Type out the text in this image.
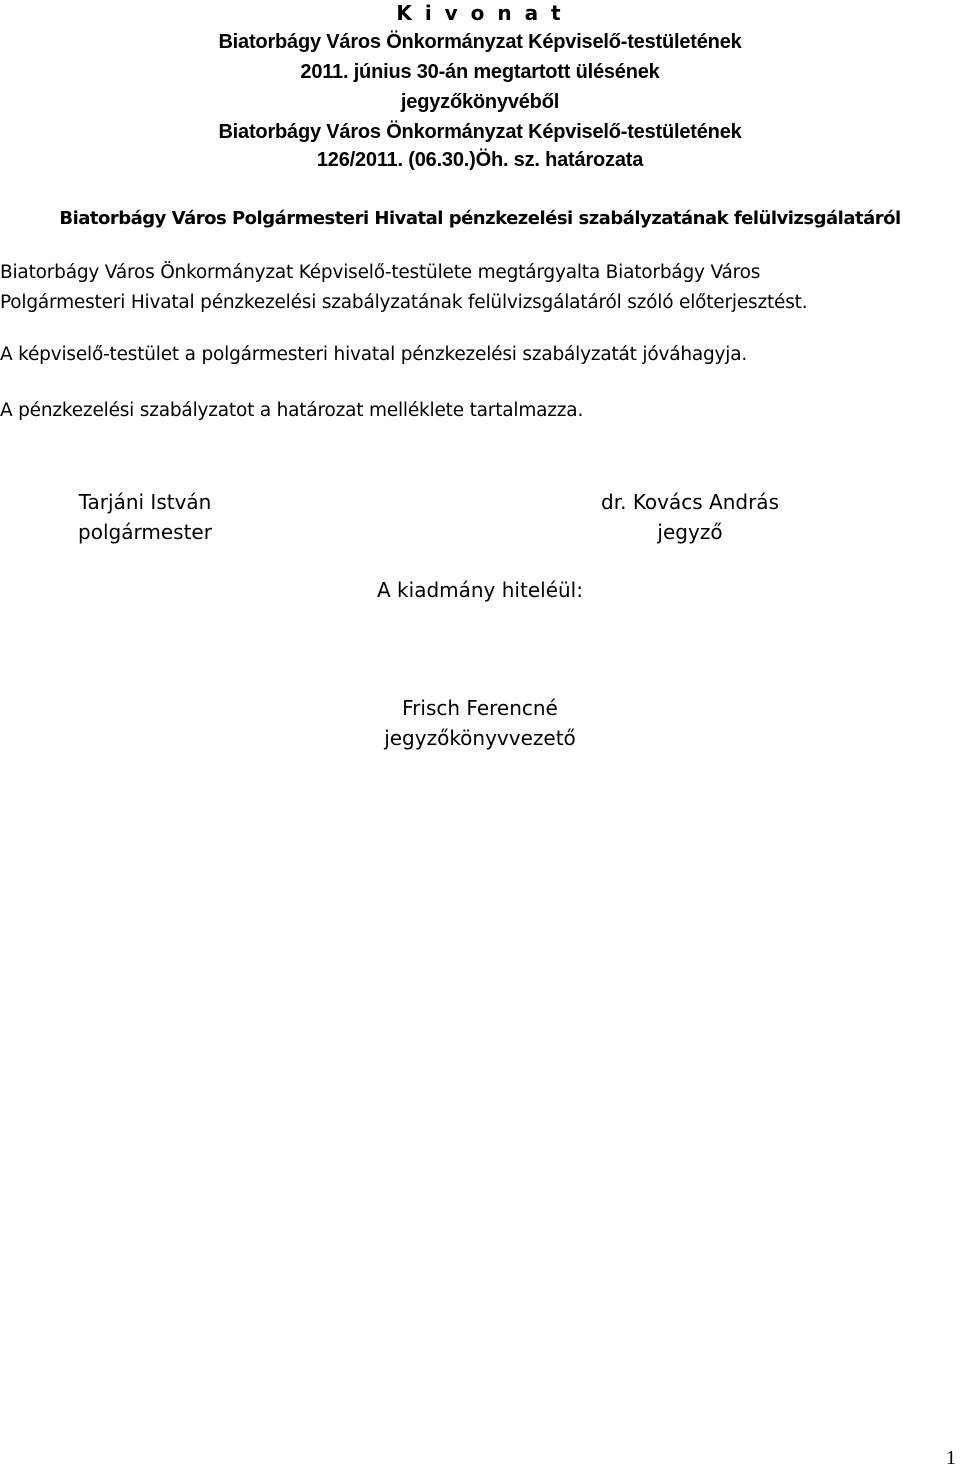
K i v o n a t
Biatorbágy Város Önkormányzat Képviselő-testületének
2011. június 30-án megtartott ülésének
jegyzőkönyvéből
Biatorbágy Város Önkormányzat Képviselő-testületének
126/2011. (06.30.)Öh. sz. határozata
Biatorbágy Város Polgármesteri Hivatal pénzkezelési szabályzatának felülvizsgálatáról
Biatorbágy Város Önkormányzat Képviselő-testülete megtárgyalta Biatorbágy Város
Polgármesteri Hivatal pénzkezelési szabályzatának felülvizsgálatáról szóló előterjesztést.
A képviselő-testület a polgármesteri hivatal pénzkezelési szabályzatát jóváhagyja.
A pénzkezelési szabályzatot a határozat melléklete tartalmazza.
Tarjáni István
polgármester
dr. Kovács András
jegyző
A kiadmány hiteléül:
Frisch Ferencné
jegyzőkönyvvezető
1
